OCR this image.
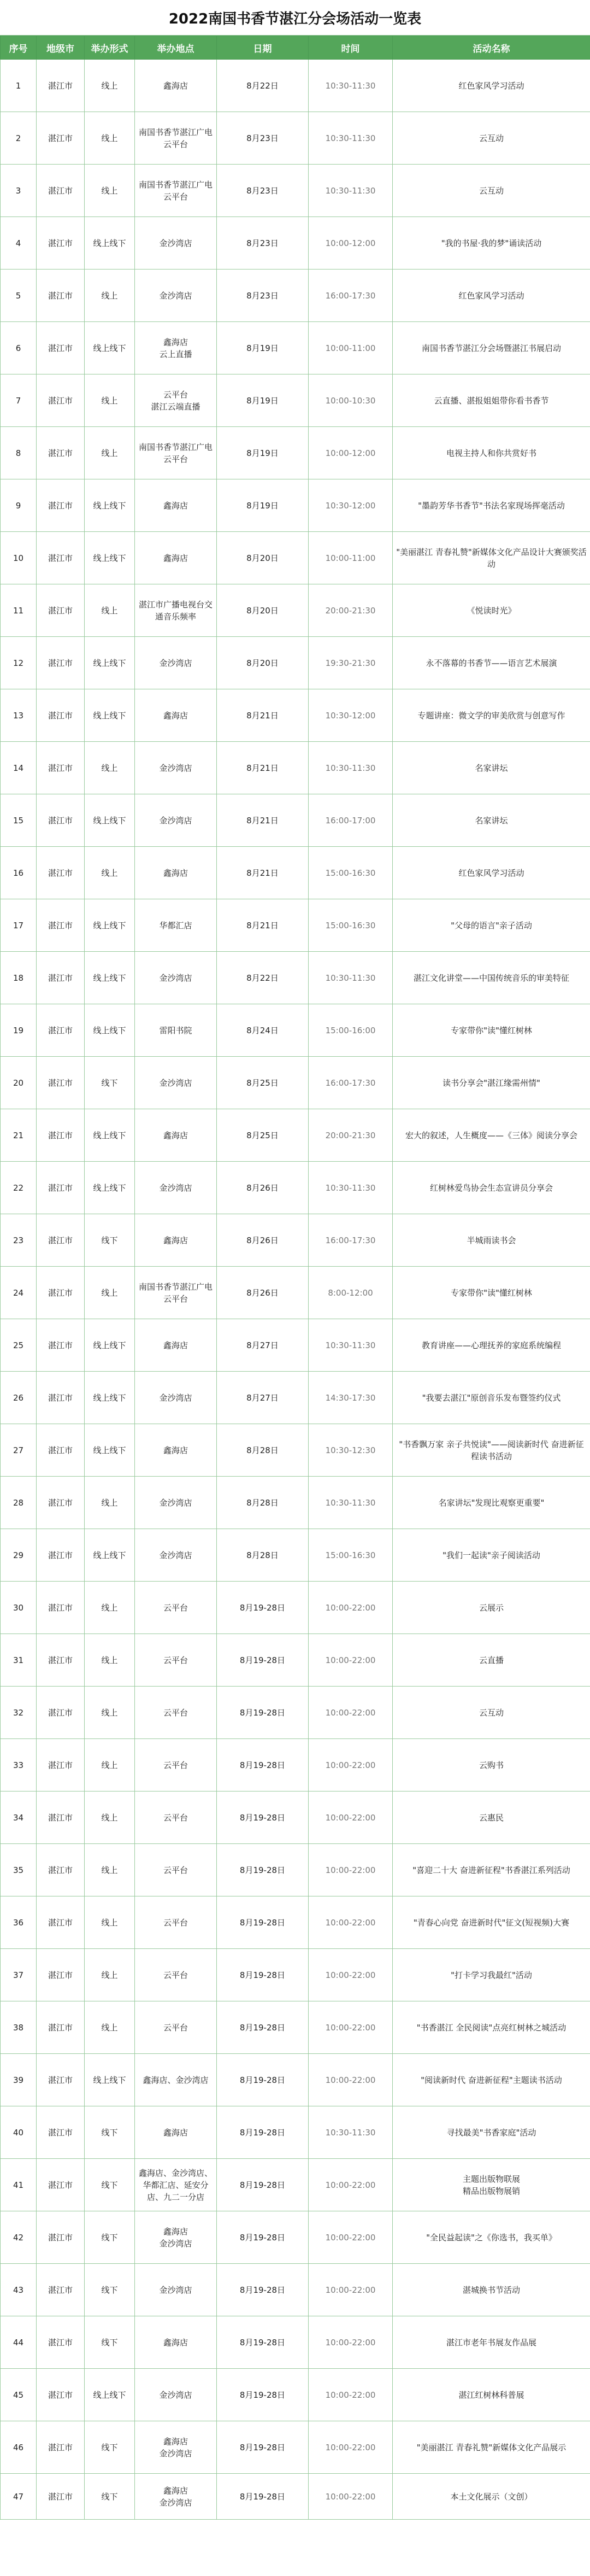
2022南国书香节湛江分会场活动一览表
序号	地级市	举办形式	举办地点	日期	时间	活动名称
1	湛江市	线上	鑫海店	8月22日	10:30-11:30	红色家风学习活动
2	湛江市	线上	南国书香节湛江广电云平台	8月23日	10:30-11:30	云互动
3	湛江市	线上	南国书香节湛江广电云平台	8月23日	10:30-11:30	云互动
4	湛江市	线上线下	金沙湾店	8月23日	10:00-12:00	"我的书屋·我的梦"诵读活动
5	湛江市	线上	金沙湾店	8月23日	16:00-17:30	红色家风学习活动
6	湛江市	线上线下	鑫海店
云上直播	8月19日	10:00-11:00	南国书香节湛江分会场暨湛江书展启动
7	湛江市	线上	云平台
湛江云端直播	8月19日	10:00-10:30	云直播、湛报姐姐带你看书香节
8	湛江市	线上	南国书香节湛江广电云平台	8月19日	10:00-12:00	电视主持人和你共赏好书
9	湛江市	线上线下	鑫海店	8月19日	10:30-12:00	"墨韵芳华书香节"书法名家现场挥毫活动
10	湛江市	线上线下	鑫海店	8月20日	10:00-11:00	"美丽湛江 青春礼赞"新媒体文化产品设计大赛颁奖活动
11	湛江市	线上	湛江市广播电视台交通音乐频率	8月20日	20:00-21:30	《悦读时光》
12	湛江市	线上线下	金沙湾店	8月20日	19:30-21:30	永不落幕的书香节——语言艺术展演
13	湛江市	线上线下	鑫海店	8月21日	10:30-12:00	专题讲座：微文学的审美欣赏与创意写作
14	湛江市	线上	金沙湾店	8月21日	10:30-11:30	名家讲坛
15	湛江市	线上线下	金沙湾店	8月21日	16:00-17:00	名家讲坛
16	湛江市	线上	鑫海店	8月21日	15:00-16:30	红色家风学习活动
17	湛江市	线上线下	华都汇店	8月21日	15:00-16:30	"父母的语言"亲子活动
18	湛江市	线上线下	金沙湾店	8月22日	10:30-11:30	湛江文化讲堂——中国传统音乐的审美特征
19	湛江市	线上线下	雷阳书院	8月24日	15:00-16:00	专家带你"读"懂红树林
20	湛江市	线下	金沙湾店	8月25日	16:00-17:30	读书分享会"湛江缘需州情"
21	湛江市	线上线下	鑫海店	8月25日	20:00-21:30	宏大的叙述，人生概度——《三体》阅读分享会
22	湛江市	线上线下	金沙湾店	8月26日	10:30-11:30	红树林爱鸟协会生态宣讲员分享会
23	湛江市	线下	鑫海店	8月26日	16:00-17:30	半城雨读书会
24	湛江市	线上	南国书香节湛江广电云平台	8月26日	8:00-12:00	专家带你"读"懂红树林
25	湛江市	线上线下	鑫海店	8月27日	10:30-11:30	教育讲座——心理抚养的家庭系统编程
26	湛江市	线上线下	金沙湾店	8月27日	14:30-17:30	"我要去湛江"原创音乐发布暨签约仪式
27	湛江市	线上线下	鑫海店	8月28日	10:30-12:30	"书香飘万家 亲子共悦读"——阅读新时代 奋进新征程读书活动
28	湛江市	线上	金沙湾店	8月28日	10:30-11:30	名家讲坛"发现比观察更重要"
29	湛江市	线上线下	金沙湾店	8月28日	15:00-16:30	"我们一起读"亲子阅读活动
30	湛江市	线上	云平台	8月19-28日	10:00-22:00	云展示
31	湛江市	线上	云平台	8月19-28日	10:00-22:00	云直播
32	湛江市	线上	云平台	8月19-28日	10:00-22:00	云互动
33	湛江市	线上	云平台	8月19-28日	10:00-22:00	云购书
34	湛江市	线上	云平台	8月19-28日	10:00-22:00	云惠民
35	湛江市	线上	云平台	8月19-28日	10:00-22:00	"喜迎二十大 奋进新征程"书香湛江系列活动
36	湛江市	线上	云平台	8月19-28日	10:00-22:00	"青春心向党 奋进新时代"征文(短视频)大赛
37	湛江市	线上	云平台	8月19-28日	10:00-22:00	"打卡学习我最红"活动
38	湛江市	线上	云平台	8月19-28日	10:00-22:00	"书香湛江 全民阅读"点亮红树林之城活动
39	湛江市	线上线下	鑫海店、金沙湾店	8月19-28日	10:00-22:00	"阅读新时代 奋进新征程"主题读书活动
40	湛江市	线下	鑫海店	8月19-28日	10:30-11:30	寻找最美"书香家庭"活动
41	湛江市	线下	鑫海店、金沙湾店、华都汇店、延安分店、九二一分店	8月19-28日	10:00-22:00	主题出版物联展
精品出版物展销
42	湛江市	线下	鑫海店
金沙湾店	8月19-28日	10:00-22:00	"全民益起读"之《你选书，我买单》
43	湛江市	线下	金沙湾店	8月19-28日	10:00-22:00	湛城换书节活动
44	湛江市	线下	鑫海店	8月19-28日	10:00-22:00	湛江市老年书展友作品展
45	湛江市	线上线下	金沙湾店	8月19-28日	10:00-22:00	湛江红树林科普展
46	湛江市	线下	鑫海店
金沙湾店	8月19-28日	10:00-22:00	"美丽湛江 青春礼赞"新媒体文化产品展示
47	湛江市	线下	鑫海店
金沙湾店	8月19-28日	10:00-22:00	本土文化展示（文创）
